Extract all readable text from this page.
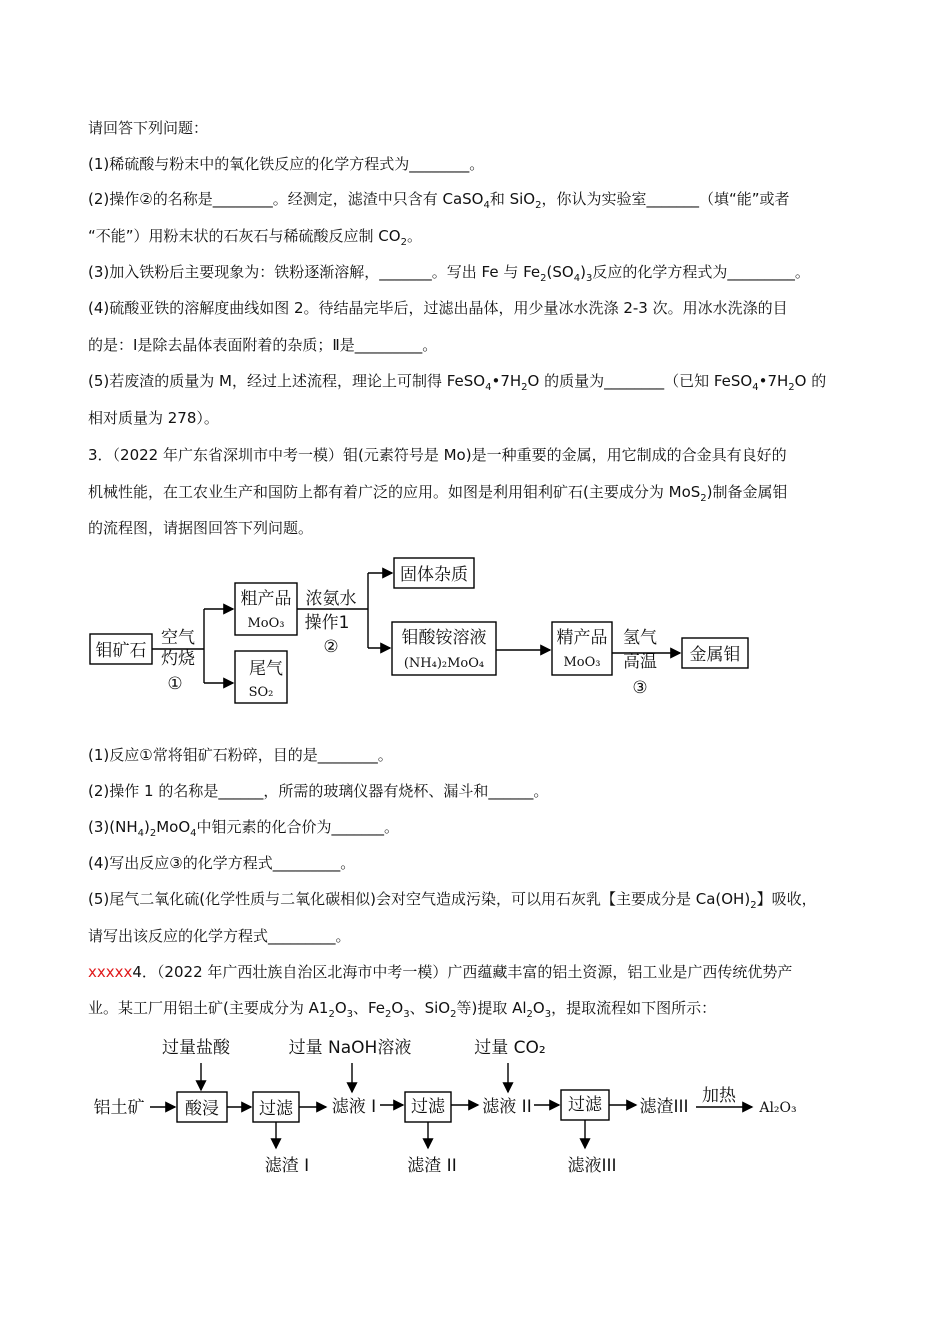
请回答下列问题：
(1)稀硫酸与粉末中的氧化铁反应的化学方程式为________。
(2)操作②的名称是________。经测定，滤渣中只含有 CaSO$_4$和 SiO$_2$，你认为实验室_______（填“能”或者
“不能”）用粉末状的石灰石与稀硫酸反应制 $CO_2$。
(3)加入铁粉后主要现象为：铁粉逐渐溶解，_______。写出 Fe 与 $Fe_2(SO_4)_3$反应的化学方程式为_________。
(4)硫酸亚铁的溶解度曲线如图 2。待结晶完毕后，过滤出晶体，用少量冰水洗涤 2-3 次。用冰水洗涤的目
的是：Ⅰ是除去晶体表面附着的杂质；Ⅱ是_________。
(5)若废渣的质量为 M，经过上述流程，理论上可制得 $FeSO_4•7H_2O$ 的质量为________（已知 $FeSO_4•7H_2O$ 的
相对质量为 278）。
3．（2022 年广东省深圳市中考一模）钼(元素符号是 Mo)是一种重要的金属，用它制成的合金具有良好的
机械性能，在工农业生产和国防上都有着广泛的应用。如图是利用钼利矿石(主要成分为 MoS$_2$)制备金属钼
的流程图，请据图回答下列问题。
钼矿石
空气
灼烧
①
粗产品
尾气
浓氨水
操作1
②
固体杂质
钼酸铵溶液	精产品 氢气
高温
③
金属钼
MoO₃
SO₂
(NH₄)₂MoO₄	MoO₃
(1)反应①常将钼矿石粉碎，目的是________。
(2)操作 1 的名称是______，所需的玻璃仪器有烧杯、漏斗和______。
$(3)(NH_4)_2MoO_4$中钼元素的化合价为_______。
(4)写出反应③的化学方程式_________。
(5)尾气二氧化硫(化学性质与二氧化碳相似)会对空气造成污染，可以用石灰乳【主要成分是 $Ca(OH)_2$】吸收，
请写出该反应的化学方程式_________。
xxxxx4．（2022 年广西壮族自治区北海市中考一模）广西蕴藏丰富的铝土资源，铝工业是广西传统优势产
业。某工厂用铝土矿(主要成分为 $A1_2O_3$、$Fe_2O_3$、SiO$_2$等)提取 $Al_2O_3$，提取流程如下图所示：
过量盐酸	过量 NaOH溶液	过量 CO₂
铝土矿 酸浸 过滤 滤液 I 过滤 滤液 II 过滤 滤渣III
加热
Al₂O₃
滤渣 I	滤渣 II	滤液III
